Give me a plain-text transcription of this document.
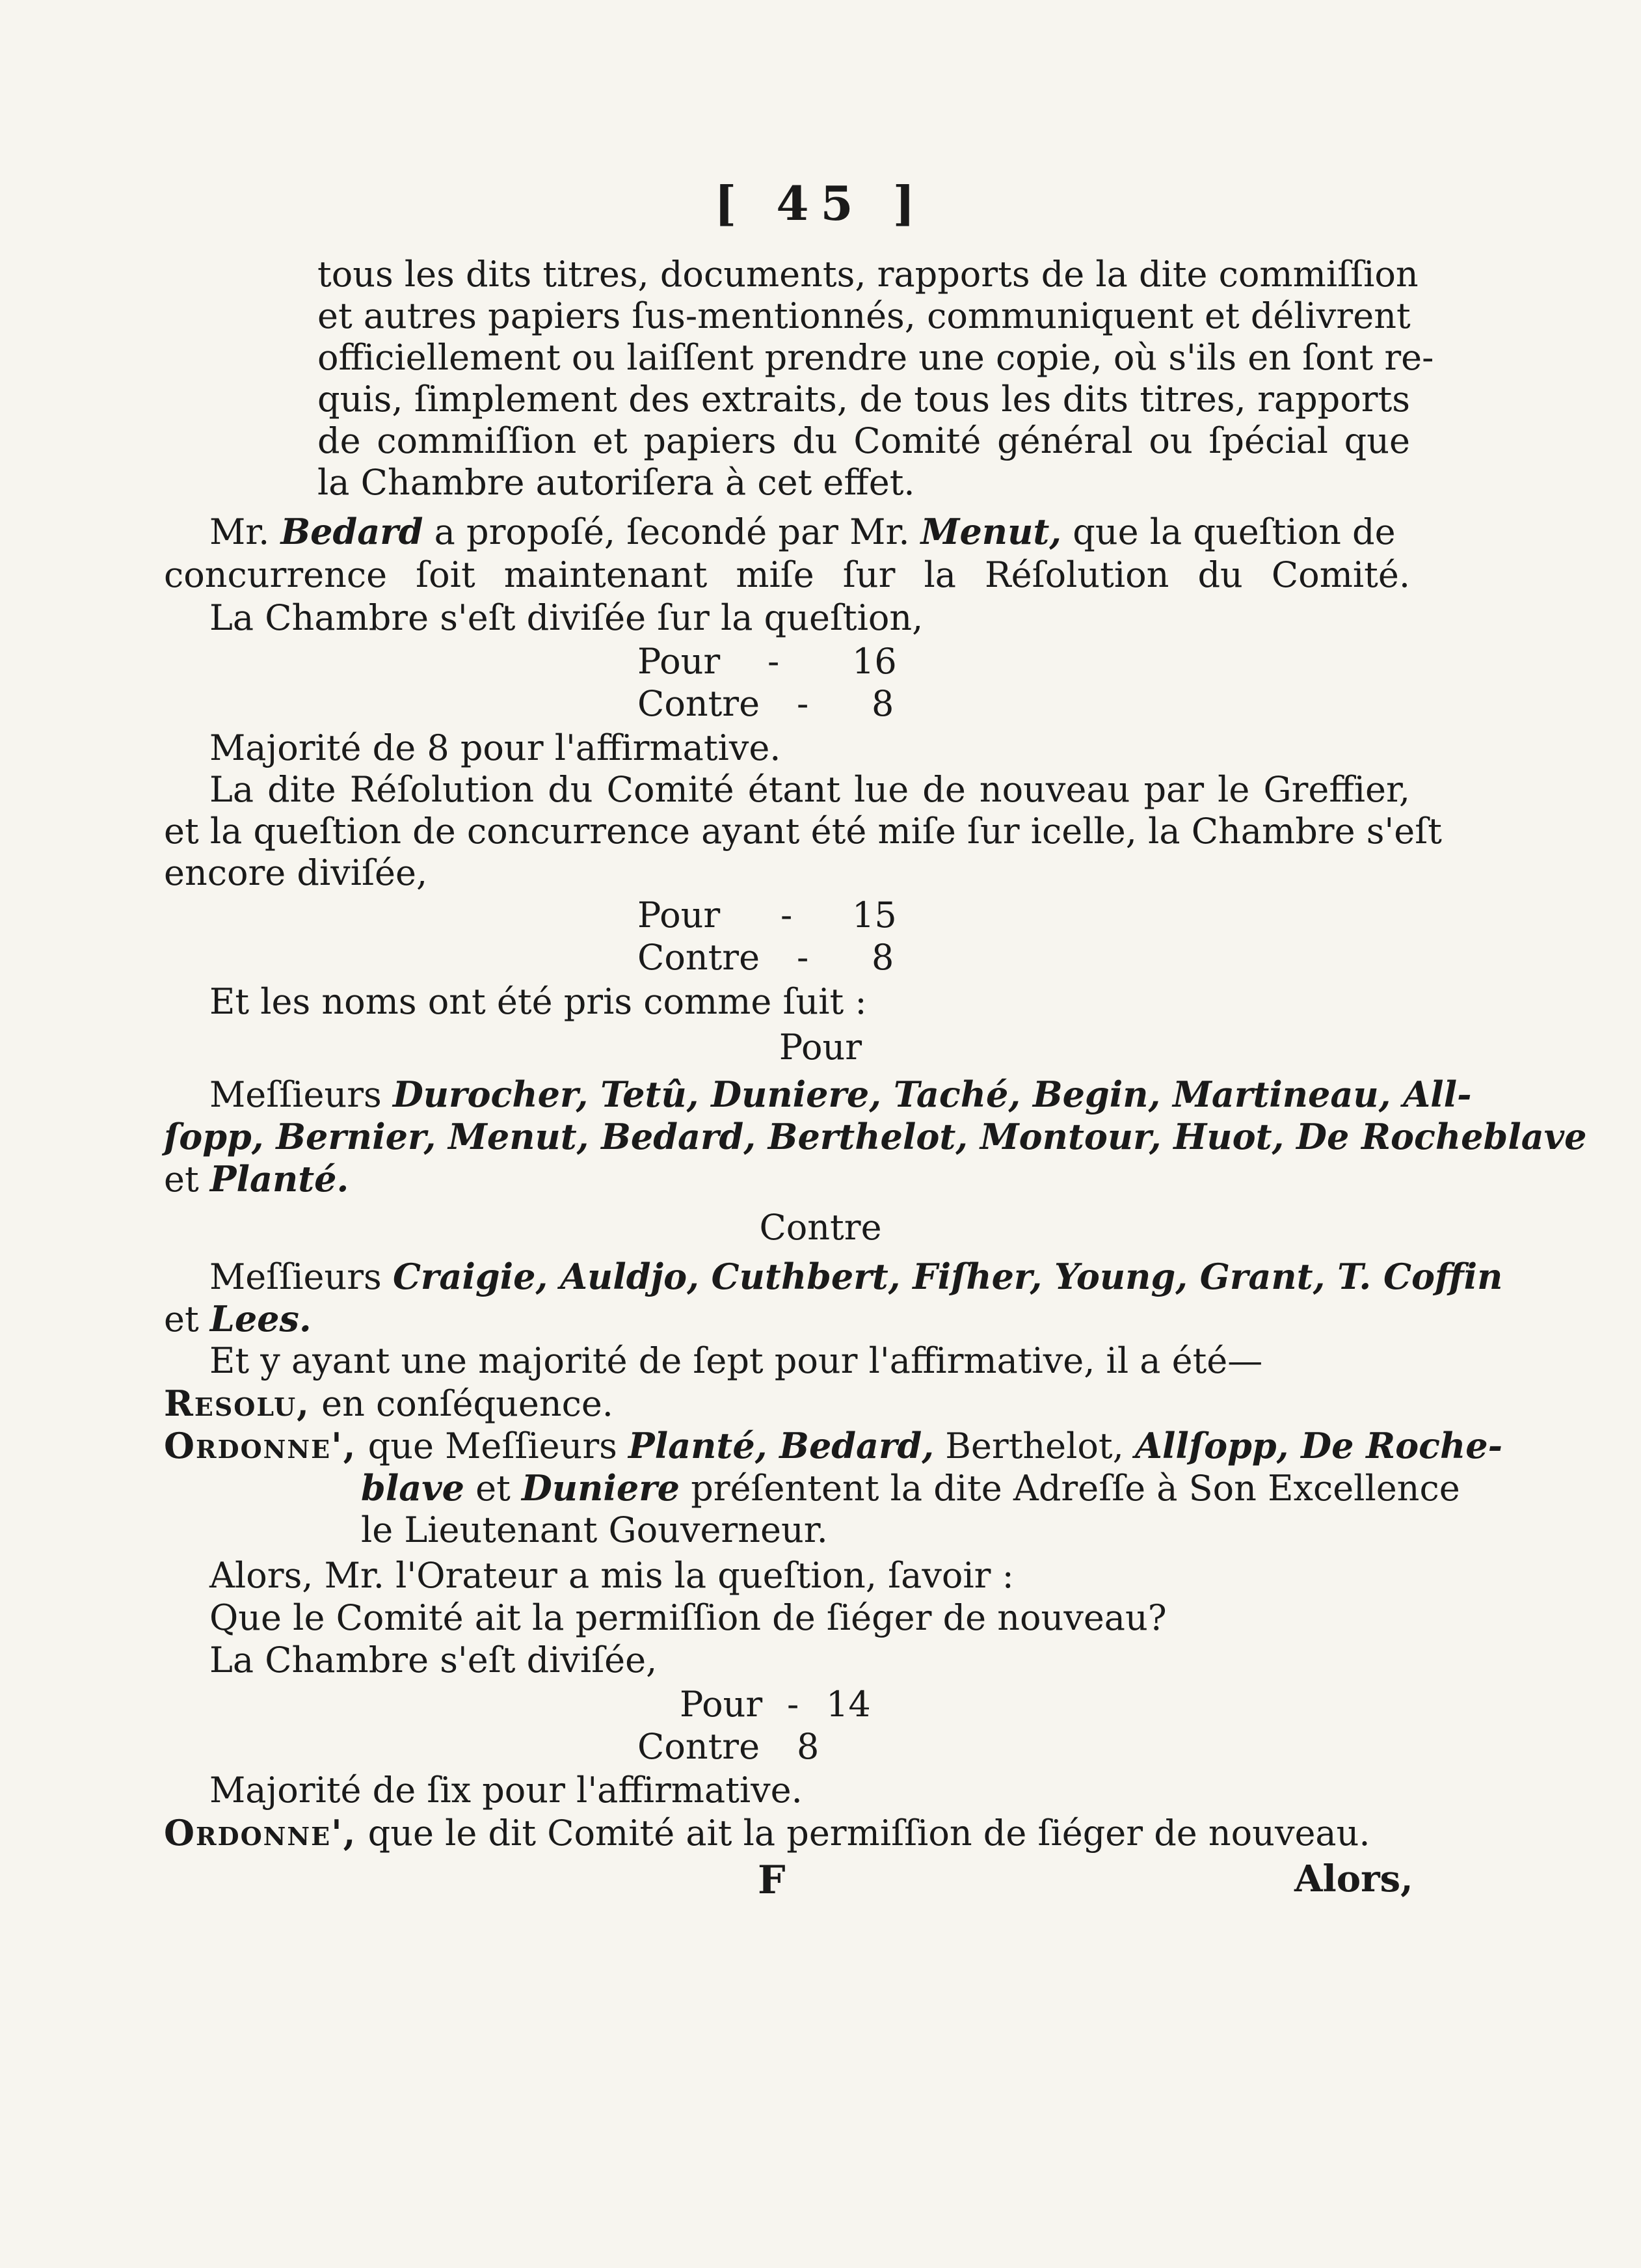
[ 45 ]
tous les dits titres, documents, rapports de la dite commiſſion
et autres papiers ſus-mentionnés, communiquent et délivrent
officiellement ou laiſſent prendre une copie, où s'ils en ſont re-
quis, ſimplement des extraits, de tous les dits titres, rapports
de commiſſion et papiers du Comité général ou ſpécial que
la Chambre autoriſera à cet effet.
Mr. Bedard a propoſé, ſecondé par Mr. Menut, que la queſtion de
concurrence ſoit maintenant miſe ſur la Réſolution du Comité.
La Chambre s'eſt diviſée ſur la queſtion,
Pour - 16
Contre - 8
Majorité de 8 pour l'affirmative.
La dite Réſolution du Comité étant lue de nouveau par le Greffier,
et la queſtion de concurrence ayant été miſe ſur icelle, la Chambre s'eſt
encore diviſée,
Pour - 15
Contre - 8
Et les noms ont été pris comme ſuit :
Pour
Meſſieurs Durocher, Tetû, Duniere, Taché, Begin, Martineau, All-
ſopp, Bernier, Menut, Bedard, Berthelot, Montour, Huot, De Rocheblave
et Planté.
Contre
Meſſieurs Craigie, Auldjo, Cuthbert, Fiſher, Young, Grant, T. Coffin
et Lees.
Et y ayant une majorité de ſept pour l'affirmative, il a été—
Resolu, en conſéquence.
Ordonne', que Meſſieurs Planté, Bedard, Berthelot, Allſopp, De Roche-
blave et Duniere préſentent la dite Adreſſe à Son Excellence
le Lieutenant Gouverneur.
Alors, Mr. l'Orateur a mis la queſtion, ſavoir :
Que le Comité ait la permiſſion de ſiéger de nouveau?
La Chambre s'eſt diviſée,
Pour - 14
Contre 8
Majorité de ſix pour l'affirmative.
Ordonne', que le dit Comité ait la permiſſion de ſiéger de nouveau.
F	Alors,
